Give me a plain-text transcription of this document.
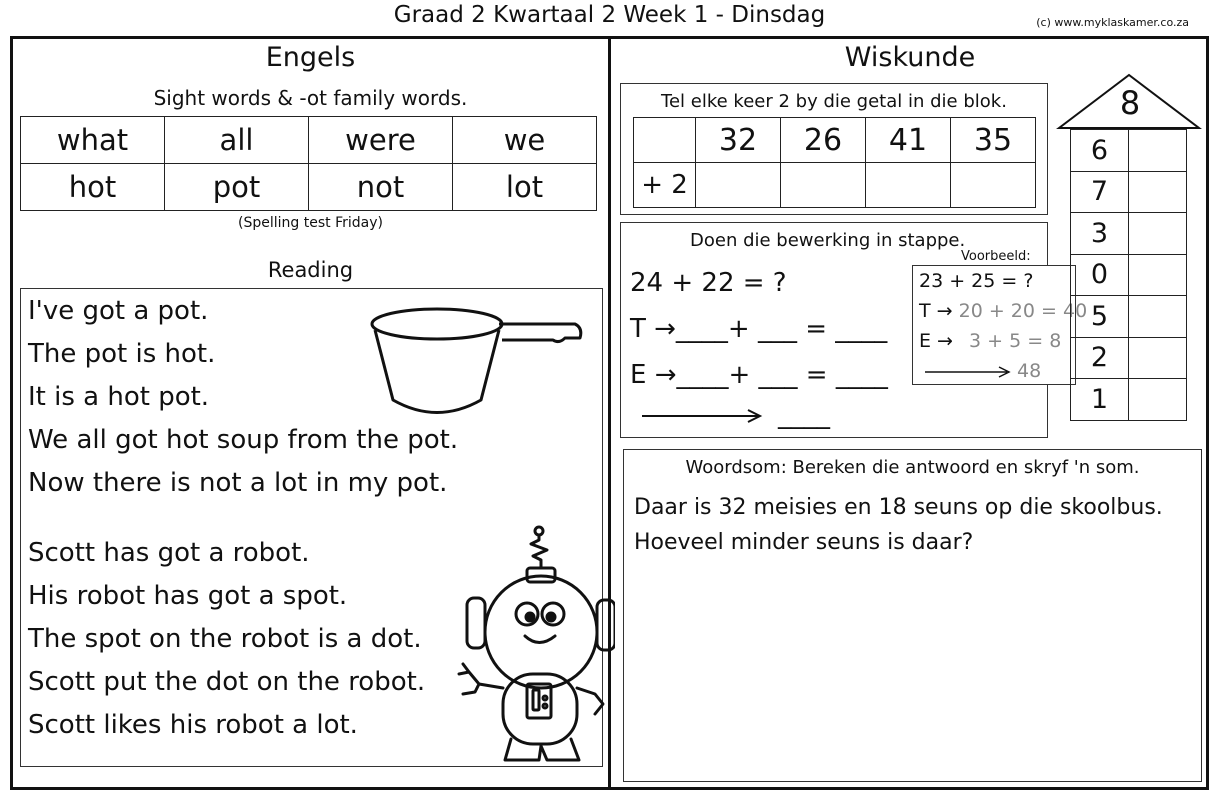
Graad 2 Kwartaal 2 Week 1 - Dinsdag	(c) www.myklaskamer.co.za
Engels
Sight words & -ot family words.
what	all	were	we
hot	pot	not	lot
(Spelling test Friday)
Reading
I've got a pot.
The pot is hot.
It is a hot pot.
We all got hot soup from the pot.
Now there is not a lot in my pot.
Scott has got a robot.
His robot has got a spot.
The spot on the robot is a dot.
Scott put the dot on the robot.
Scott likes his robot a lot.
Wiskunde
Tel elke keer 2 by die getal in die blok.
	32	26	41	35
+ 2				
Doen die bewerking in stappe.
24 + 22 = ?
T →____+ ___ = ____
E →____+ ___ = ____
____
Voorbeeld:
23 + 25 = ?
T → 20 + 20 = 40
E → 3 + 5 = 8
48
8
6	
7	
3	
0	
5	
2	
1	
Woordsom: Bereken die antwoord en skryf 'n som.
Daar is 32 meisies en 18 seuns op die skoolbus.
Hoeveel minder seuns is daar?
